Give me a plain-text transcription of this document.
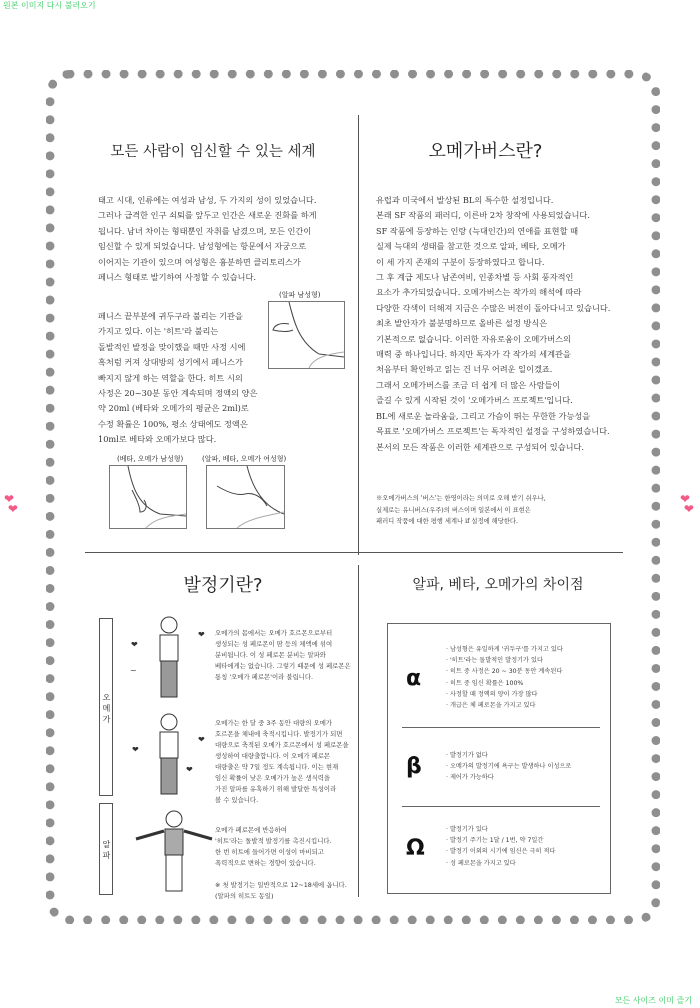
원본 이미지 다시 불러오기
❤
❤
❤
❤
모든 사람이 임신할 수 있는 세계

태고 시대, 인류에는 여성과 남성, 두 가지의 성이 있었습니다.
그러나 급격한 인구 쇠퇴를 앞두고 인간은 새로운 진화를 하게
됩니다. 남녀 차이는 형태뿐인 자취를 남겼으며, 모든 인간이
임신할 수 있게 되었습니다. 남성형에는 항문에서 자궁으로
이어지는 기관이 있으며 여성형은 흉분하면 클리토리스가
페니스 형태로 발기하여 사정할 수 있습니다.

(알파 남성형)

페니스 끝부분에 귀두구라 불리는 기관을
가지고 있다. 이는 '히트'라 불리는
돌발적인 발정을 맞이했을 때만 사정 시에
혹처럼 커져 상대방의 성기에서 페니스가
빠지지 않게 하는 역할을 한다. 히트 시의
사정은 20~30분 동안 계속되며 정액의 양은
약 20ml (베타와 오메가의 평균은 2ml)로
수정 확률은 100%, 평소 상태에도 정액은
10ml로 베타와 오메가보다 많다.

(베타, 오메가 남성형)	(알파, 베타, 오메가 여성형)
오메가버스란?

유럽과 미국에서 발상된 BL의 특수한 설정입니다.
본래 SF 작품의 패러디, 이른바 2차 창작에 사용되었습니다.
SF 작품에 등장하는 인랑 (늑대인간)의 연애를 표현할 때
실제 늑대의 생태를 참고한 것으로 알파, 베타, 오메가
이 세 가지 존재의 구분이 등장하였다고 합니다.
그 후 계급 제도나 남존여비, 인종차별 등 사회 풍자적인
요소가 추가되었습니다. 오메가버스는 작가의 해석에 따라
다양한 각색이 더해져 지금은 수많은 버전이 돌아다니고 있습니다.
최초 발안자가 불분명하므로 올바른 설정 방식은
기본적으로 없습니다. 이러한 자유로움이 오메가버스의
매력 중 하나입니다. 하지만 독자가 각 작가의 세계관을
처음부터 확인하고 읽는 건 너무 어려운 일이겠죠.
그래서 오메가버스를 조금 더 쉽게 더 많은 사람들이
즐길 수 있게 시작된 것이 '오메가버스 프로젝트'입니다.
BL에 새로운 놀라움을, 그리고 가슴이 뛰는 무한한 가능성을
목표로 '오메가버스 프로젝트'는 독자적인 설정을 구성하였습니다.
본서의 모든 작품은 이러한 세계관으로 구성되어 있습니다.

※오메가버스의 '버스'는 한영이라는 의미로 오해 받기 쉬우나,
실제로는 유니버스(우주)의 버스이며 일본에서 이 표현은
패러디 작품에 대한 평행 세계나 if 설정에 해당한다.

발정기란?
오메가
알파
❤
❤
~
❤
❤
❤

오메가의 몸에서는 오메가 호르몬으로부터
생성되는 성 페로몬이 땀 등의 체액에 섞여
분비됩니다. 이 성 페로몬 분비는 알파와
베타에게는 없습니다. 그렇기 때문에 성 페로몬은
통칭 '오메가 페로몬'이라 불립니다.

오메가는 한 달 중 3주 동안 대량의 오메가
호르몬을 체내에 축적시킵니다. 발정기가 되면
대량으로 축적된 오메가 호르몬에서 성 페로몬을
생성하여 대량출합니다. 이 오메가 페로몬
대량출은 약 7일 정도 계속됩니다. 이는 현재
임신 확률이 낮은 오메가가 높은 생식력을
가진 알파를 유혹하기 위해 발달한 특성이라
볼 수 있습니다.

오메가 페로몬에 반응하여
'히트'라는 돌발적 발정기를 촉진시킵니다.
한 번 히트에 들어가면 이성이 마비되고
폭력적으로 변하는 경향이 있습니다.

※ 첫 발정기는 일반적으로 12~18세에 옵니다.
(알파의 히트도 동일)

알파, 베타, 오메가의 차이점
α
· 남성형은 유일하게 '귀두구'를 가지고 있다
· '히트'라는 돌발적인 발정기가 있다
· 히트 중 사정은 20 ~ 30분 동안 계속된다
· 히트 중 임신 확률은 100%
· 사정할 때 정액의 양이 가장 많다
· 개급은 체 페로몬을 가지고 있다
β
·	발정기가 없다
· 오메가의 발정기에 욕구는 발생하나 이성으로
· 제어가 가능하다
Ω
· 발정기가 있다
· 발정기 주기는 1달 / 1번, 약 7일간
· 발정기 이외의 시기에 임신은 극히 적다
· 성 페로몬을 가지고 있다
모든 사이즈 이미 즐기
